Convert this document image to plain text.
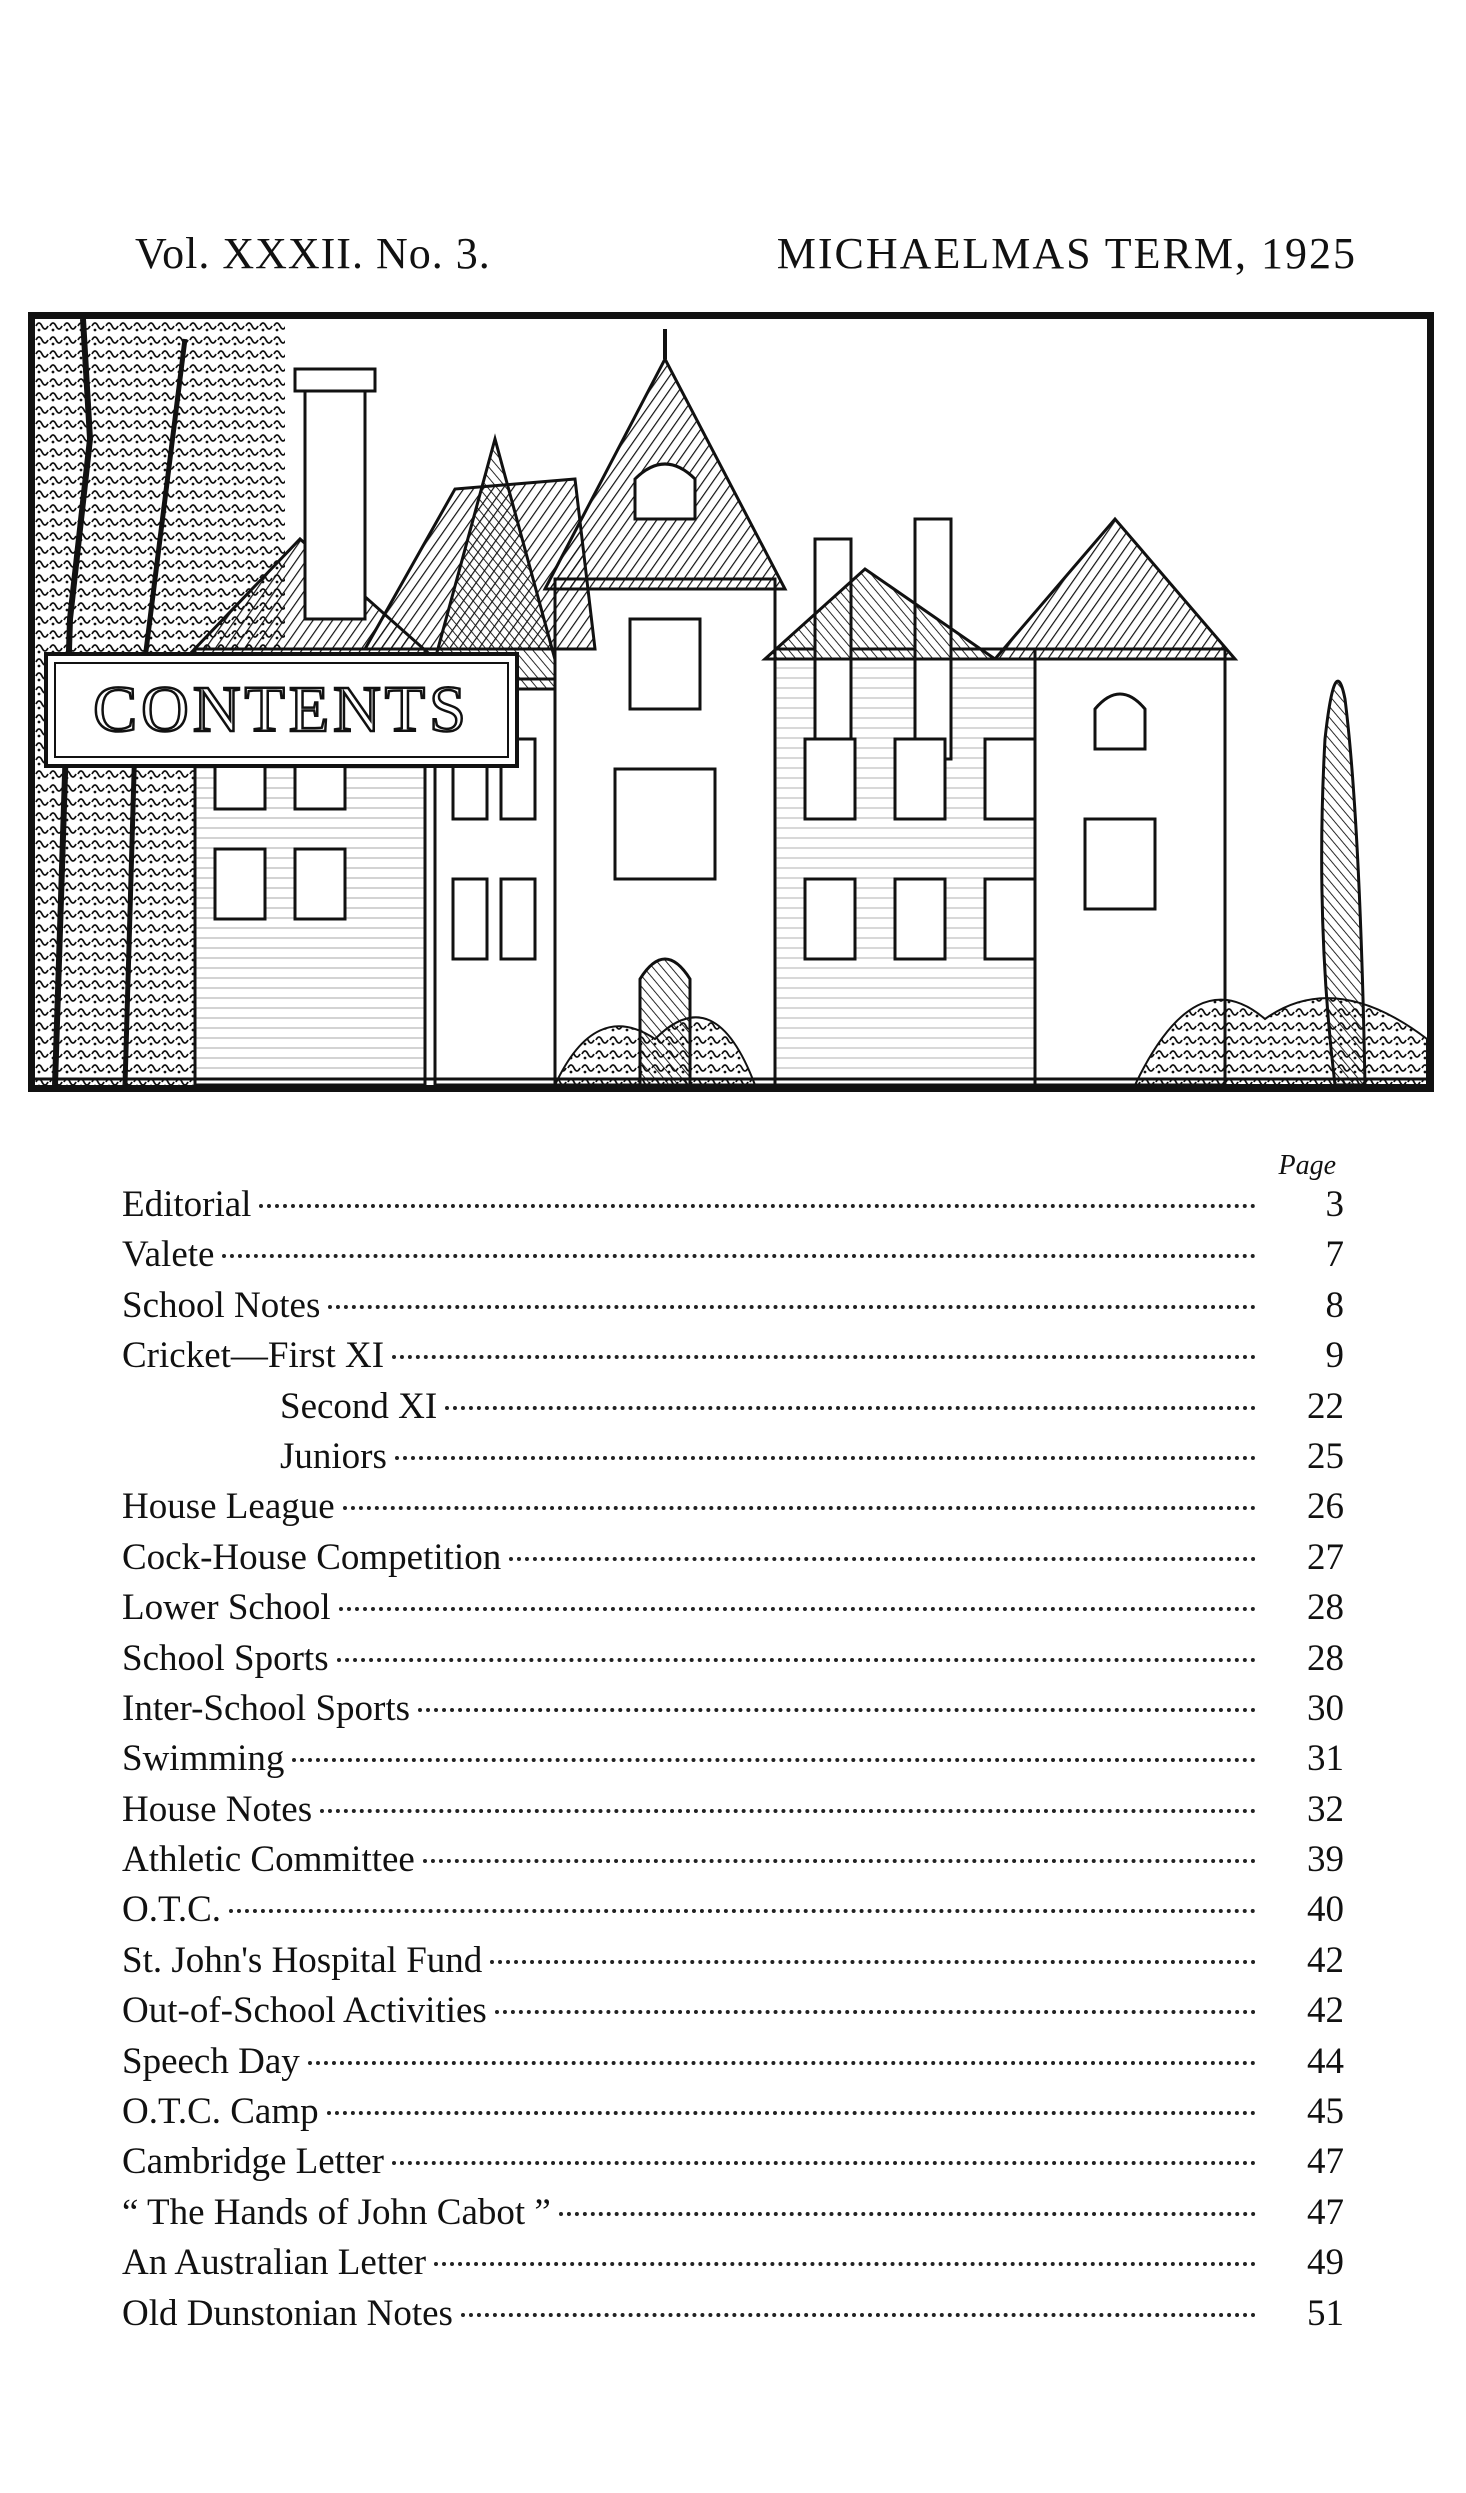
Vol. XXXII. No. 3.	MICHAELMAS TERM, 1925
CONTENTS
Page
Editorial	3
Valete	7
School Notes	8
Cricket—First XI	9
Second XI	22
Juniors	25
House League	26
Cock-House Competition	27
Lower School	28
School Sports	28
Inter-School Sports	30
Swimming	31
House Notes	32
Athletic Committee	39
O.T.C.	40
St. John's Hospital Fund	42
Out-of-School Activities	42
Speech Day	44
O.T.C. Camp	45
Cambridge Letter	47
“ The Hands of John Cabot ”	47
An Australian Letter	49
Old Dunstonian Notes	51
